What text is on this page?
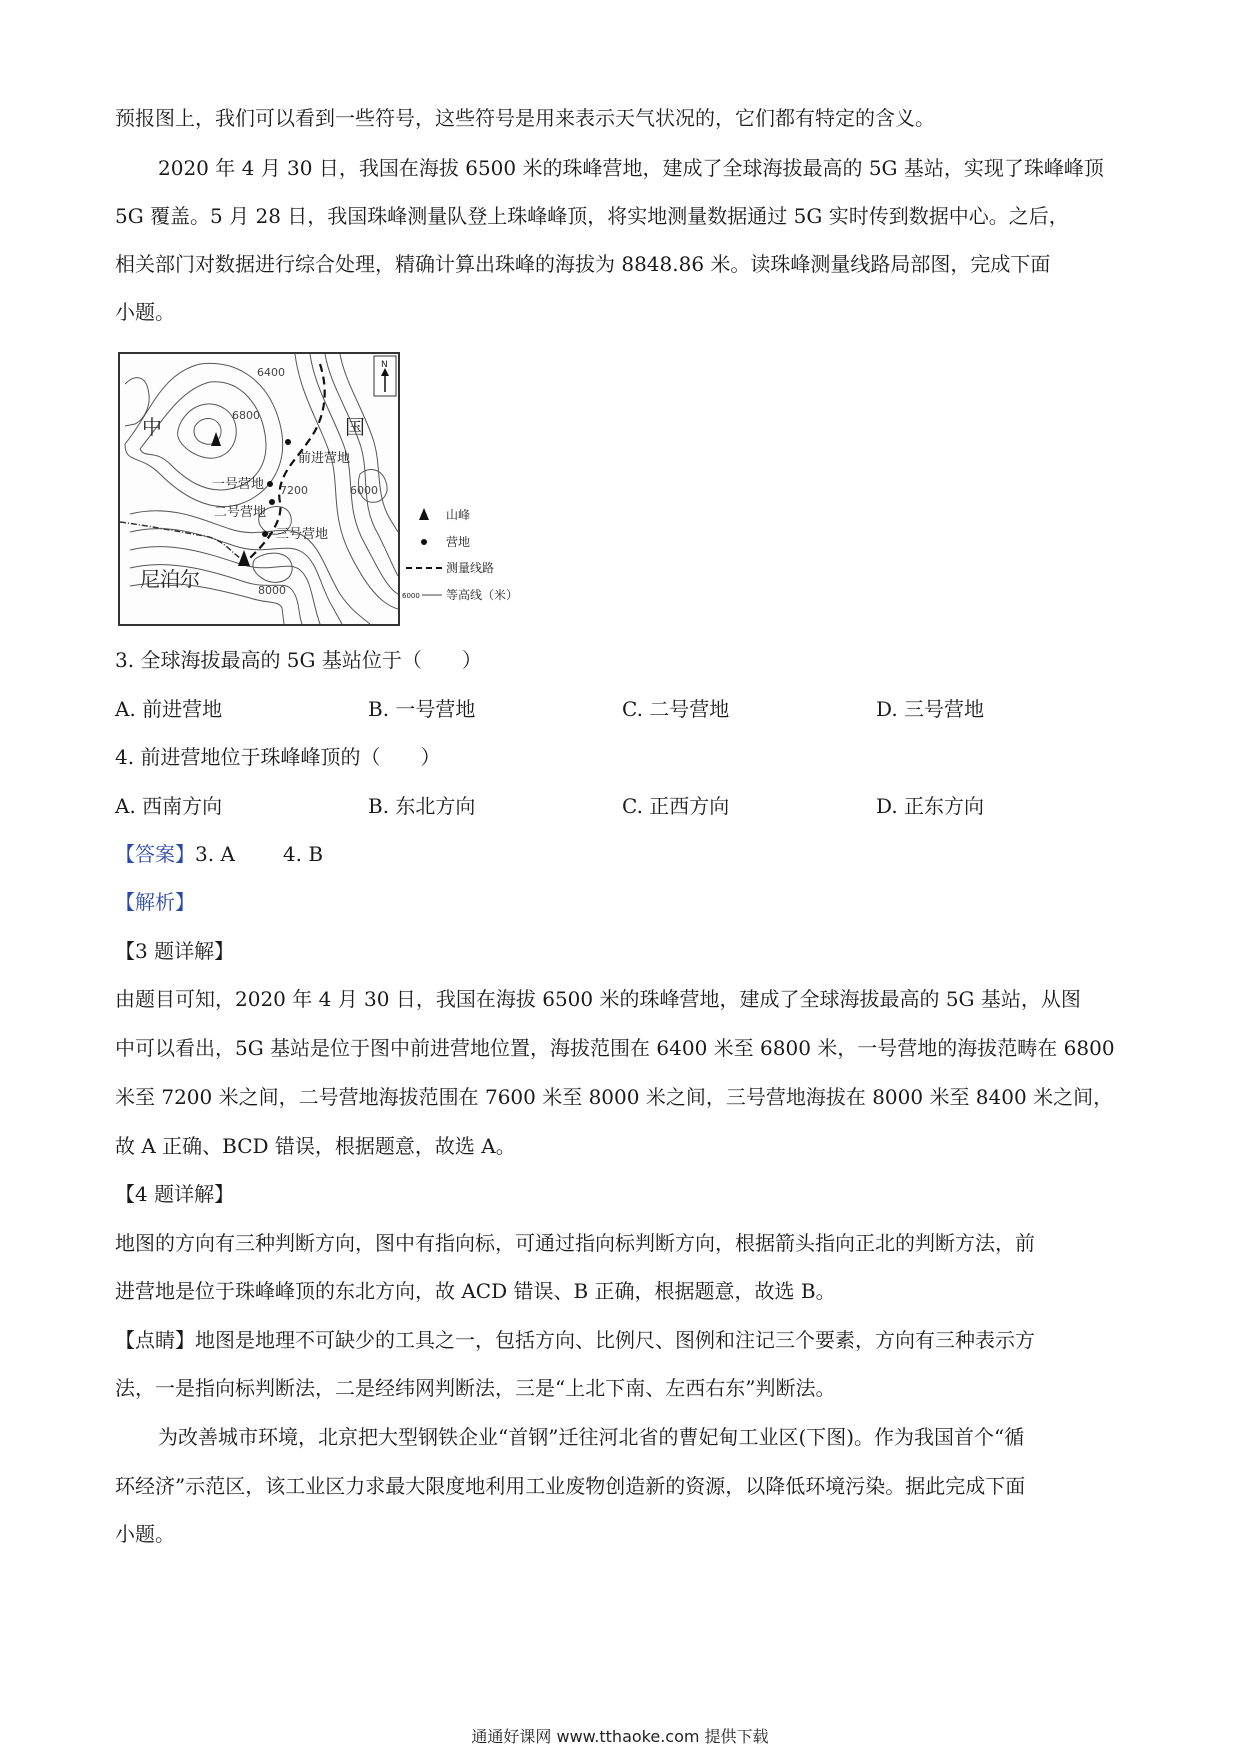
预报图上，我们可以看到一些符号，这些符号是用来表示天气状况的，它们都有特定的含义。
2020 年 4 月 30 日，我国在海拔 6500 米的珠峰营地，建成了全球海拔最高的 5G 基站，实现了珠峰峰顶
5G 覆盖。5 月 28 日，我国珠峰测量队登上珠峰峰顶，将实地测量数据通过 5G 实时传到数据中心。之后，
相关部门对数据进行综合处理，精确计算出珠峰的海拔为 8848.86 米。读珠峰测量线路局部图，完成下面
小题。
N
中	国
尼泊尔
6400
6800
7200	6000
8000
前进营地
一号营地
二号营地
三号营地
山峰
营地
测量线路
6000 等高线（米）
3. 全球海拔最高的 5G 基站位于（　　）
A. 前进营地	B. 一号营地	C. 二号营地	D. 三号营地
4. 前进营地位于珠峰峰顶的（　　）
A. 西南方向	B. 东北方向	C. 正西方向	D. 正东方向
【答案】3. A 4. B
【解析】
【3 题详解】
由题目可知，2020 年 4 月 30 日，我国在海拔 6500 米的珠峰营地，建成了全球海拔最高的 5G 基站，从图
中可以看出，5G 基站是位于图中前进营地位置，海拔范围在 6400 米至 6800 米，一号营地的海拔范畴在 6800
米至 7200 米之间，二号营地海拔范围在 7600 米至 8000 米之间，三号营地海拔在 8000 米至 8400 米之间，
故 A 正确、BCD 错误，根据题意，故选 A。
【4 题详解】
地图的方向有三种判断方向，图中有指向标，可通过指向标判断方向，根据箭头指向正北的判断方法，前
进营地是位于珠峰峰顶的东北方向，故 ACD 错误、B 正确，根据题意，故选 B。
【点睛】地图是地理不可缺少的工具之一，包括方向、比例尺、图例和注记三个要素，方向有三种表示方
法，一是指向标判断法，二是经纬网判断法，三是“上北下南、左西右东”判断法。
为改善城市环境，北京把大型钢铁企业“首钢”迁往河北省的曹妃甸工业区(下图)。作为我国首个“循
环经济”示范区，该工业区力求最大限度地利用工业废物创造新的资源，以降低环境污染。据此完成下面
小题。
通通好课网 www.tthaoke.com 提供下载
